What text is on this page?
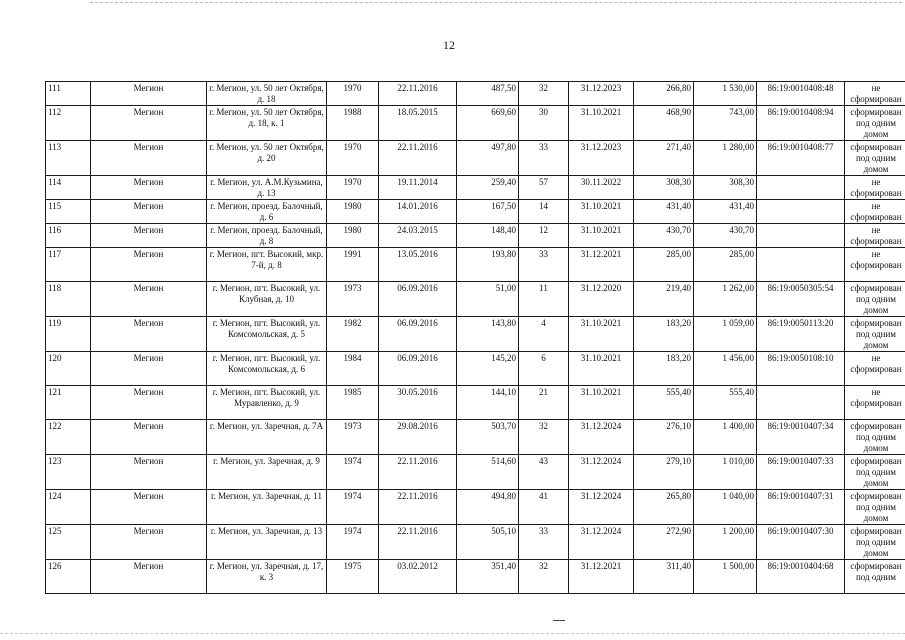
12
111	Мегион	г. Мегион, ул. 50 лет Октября, д. 18	1970	22.11.2016	487,50	32	31.12.2023	266,80	1 530,00	86:19:0010408:48	не сформирован
112	Мегион	г. Мегион, ул. 50 лет Октября, д. 18, к. 1	1988	18.05.2015	669,60	30	31.10.2021	468,90	743,00	86:19:0010408:94	сформирован под одним домом
113	Мегион	г. Мегион, ул. 50 лет Октября, д. 20	1970	22.11.2016	497,80	33	31.12.2023	271,40	1 280,00	86:19:0010408:77	сформирован под одним домом
114	Мегион	г. Мегион, ул. А.М.Кузьмина, д. 13	1970	19.11.2014	259,40	57	30.11.2022	308,30	308,30		не сформирован
115	Мегион	г. Мегион, проезд. Балочный, д. 6	1980	14.01.2016	167,50	14	31.10.2021	431,40	431,40		не сформирован
116	Мегион	г. Мегион, проезд. Балочный, д. 8	1980	24.03.2015	148,40	12	31.10.2021	430,70	430,70		не сформирован
117	Мегион	г. Мегион, пгт. Высокий, мкр. 7-й, д. 8	1991	13.05.2016	193,80	33	31.12.2021	285,00	285,00		не сформирован
118	Мегион	г. Мегион, пгт. Высокий, ул. Клубная, д. 10	1973	06.09.2016	51,00	11	31.12.2020	219,40	1 262,00	86:19:0050305:54	сформирован под одним домом
119	Мегион	г. Мегион, пгт. Высокий, ул. Комсомольская, д. 5	1982	06.09.2016	143,80	4	31.10.2021	183,20	1 059,00	86:19:0050113:20	сформирован под одним домом
120	Мегион	г. Мегион, пгт. Высокий, ул. Комсомольская, д. 6	1984	06.09.2016	145,20	6	31.10.2021	183,20	1 456,00	86:19:0050108:10	не сформирован
121	Мегион	г. Мегион, пгт. Высокий, ул. Муравленко, д. 9	1985	30.05.2016	144,10	21	31.10.2021	555,40	555,40		не сформирован
122	Мегион	г. Мегион, ул. Заречная, д. 7А	1973	29.08.2016	503,70	32	31.12.2024	276,10	1 400,00	86:19:0010407:34	сформирован под одним домом
123	Мегион	г. Мегион, ул. Заречная, д. 9	1974	22.11.2016	514,60	43	31.12.2024	279,10	1 010,00	86:19:0010407:33	сформирован под одним домом
124	Мегион	г. Мегион, ул. Заречная, д. 11	1974	22.11.2016	494,80	41	31.12.2024	265,80	1 040,00	86:19:0010407:31	сформирован под одним домом
125	Мегион	г. Мегион, ул. Заречная, д. 13	1974	22.11.2016	505,10	33	31.12.2024	272,90	1 200,00	86:19:0010407:30	сформирован под одним домом
126	Мегион	г. Мегион, ул. Заречная, д. 17, к. 3	1975	03.02.2012	351,40	32	31.12.2021	311,40	1 500,00	86:19:0010404:68	сформирован под одним
